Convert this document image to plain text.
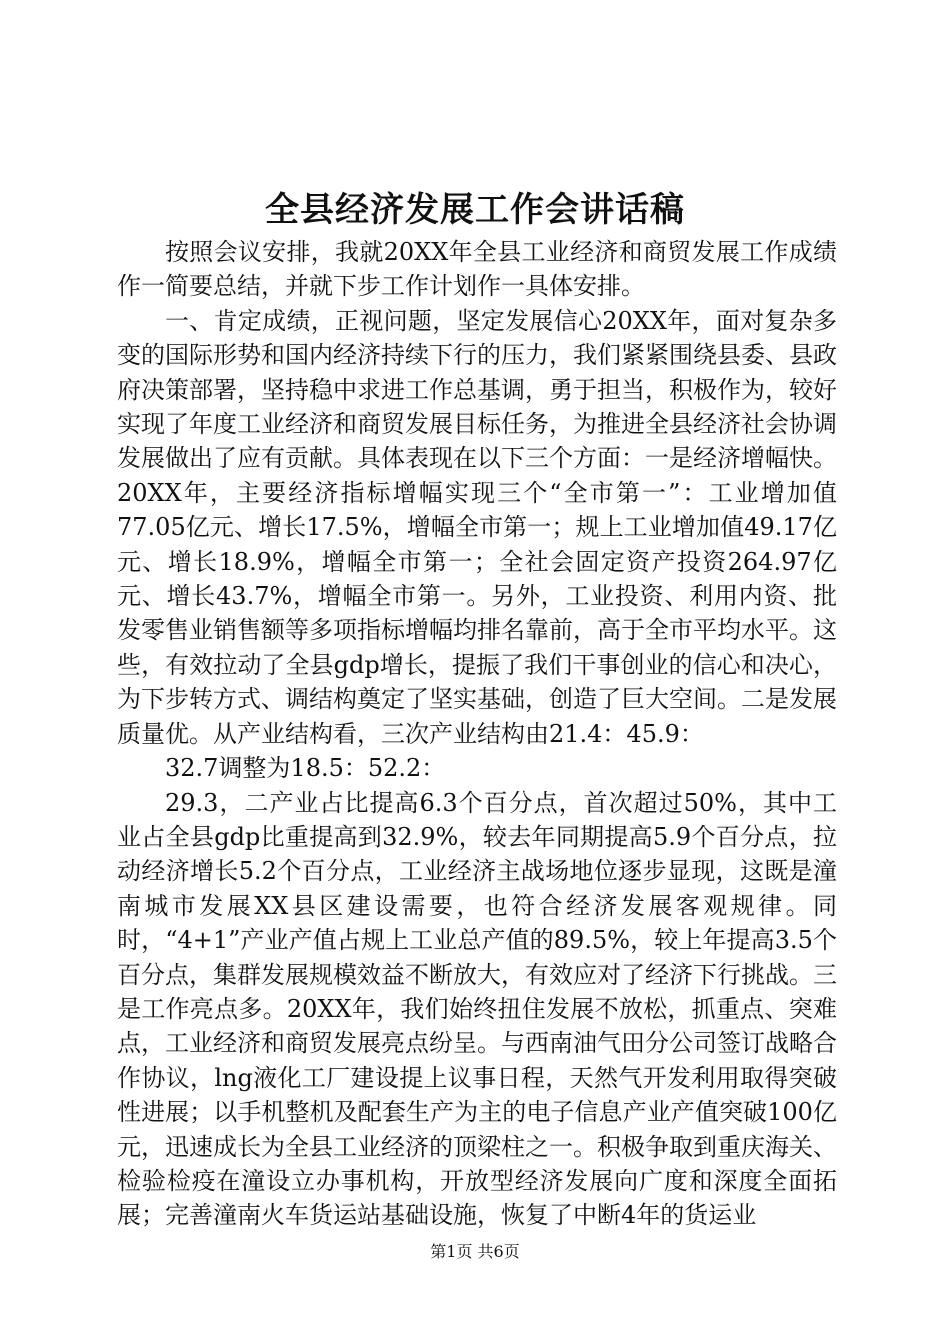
全县经济发展工作会讲话稿

按照会议安排，我就20XX年全县工业经济和商贸发展工作成绩作一简要总结，并就下步工作计划作一具体安排。

一、肯定成绩，正视问题，坚定发展信心20XX年，面对复杂多变的国际形势和国内经济持续下行的压力，我们紧紧围绕县委、县政府决策部署，坚持稳中求进工作总基调，勇于担当，积极作为，较好实现了年度工业经济和商贸发展目标任务，为推进全县经济社会协调发展做出了应有贡献。具体表现在以下三个方面：一是经济增幅快。20XX年，主要经济指标增幅实现三个“全市第一”：工业增加值77.05亿元、增长17.5%，增幅全市第一；规上工业增加值49.17亿元、增长18.9%，增幅全市第一；全社会固定资产投资264.97亿元、增长43.7%，增幅全市第一。另外，工业投资、利用内资、批发零售业销售额等多项指标增幅均排名靠前，高于全市平均水平。这些，有效拉动了全县gdp增长，提振了我们干事创业的信心和决心，为下步转方式、调结构奠定了坚实基础，创造了巨大空间。二是发展质量优。从产业结构看，三次产业结构由21.4：45.9：

32.7调整为18.5：52.2：

29.3，二产业占比提高6.3个百分点，首次超过50%，其中工业占全县gdp比重提高到32.9%，较去年同期提高5.9个百分点，拉动经济增长5.2个百分点，工业经济主战场地位逐步显现，这既是潼南城市发展XX县区建设需要，也符合经济发展客观规律。同时，“4+1”产业产值占规上工业总产值的89.5%，较上年提高3.5个百分点，集群发展规模效益不断放大，有效应对了经济下行挑战。三是工作亮点多。20XX年，我们始终扭住发展不放松，抓重点、突难点，工业经济和商贸发展亮点纷呈。与西南油气田分公司签订战略合作协议，lng液化工厂建设提上议事日程，天然气开发利用取得突破性进展；以手机整机及配套生产为主的电子信息产业产值突破100亿元，迅速成长为全县工业经济的顶梁柱之一。积极争取到重庆海关、检验检疫在潼设立办事机构，开放型经济发展向广度和深度全面拓展；完善潼南火车货运站基础设施，恢复了中断4年的货运业

第1页 共6页
